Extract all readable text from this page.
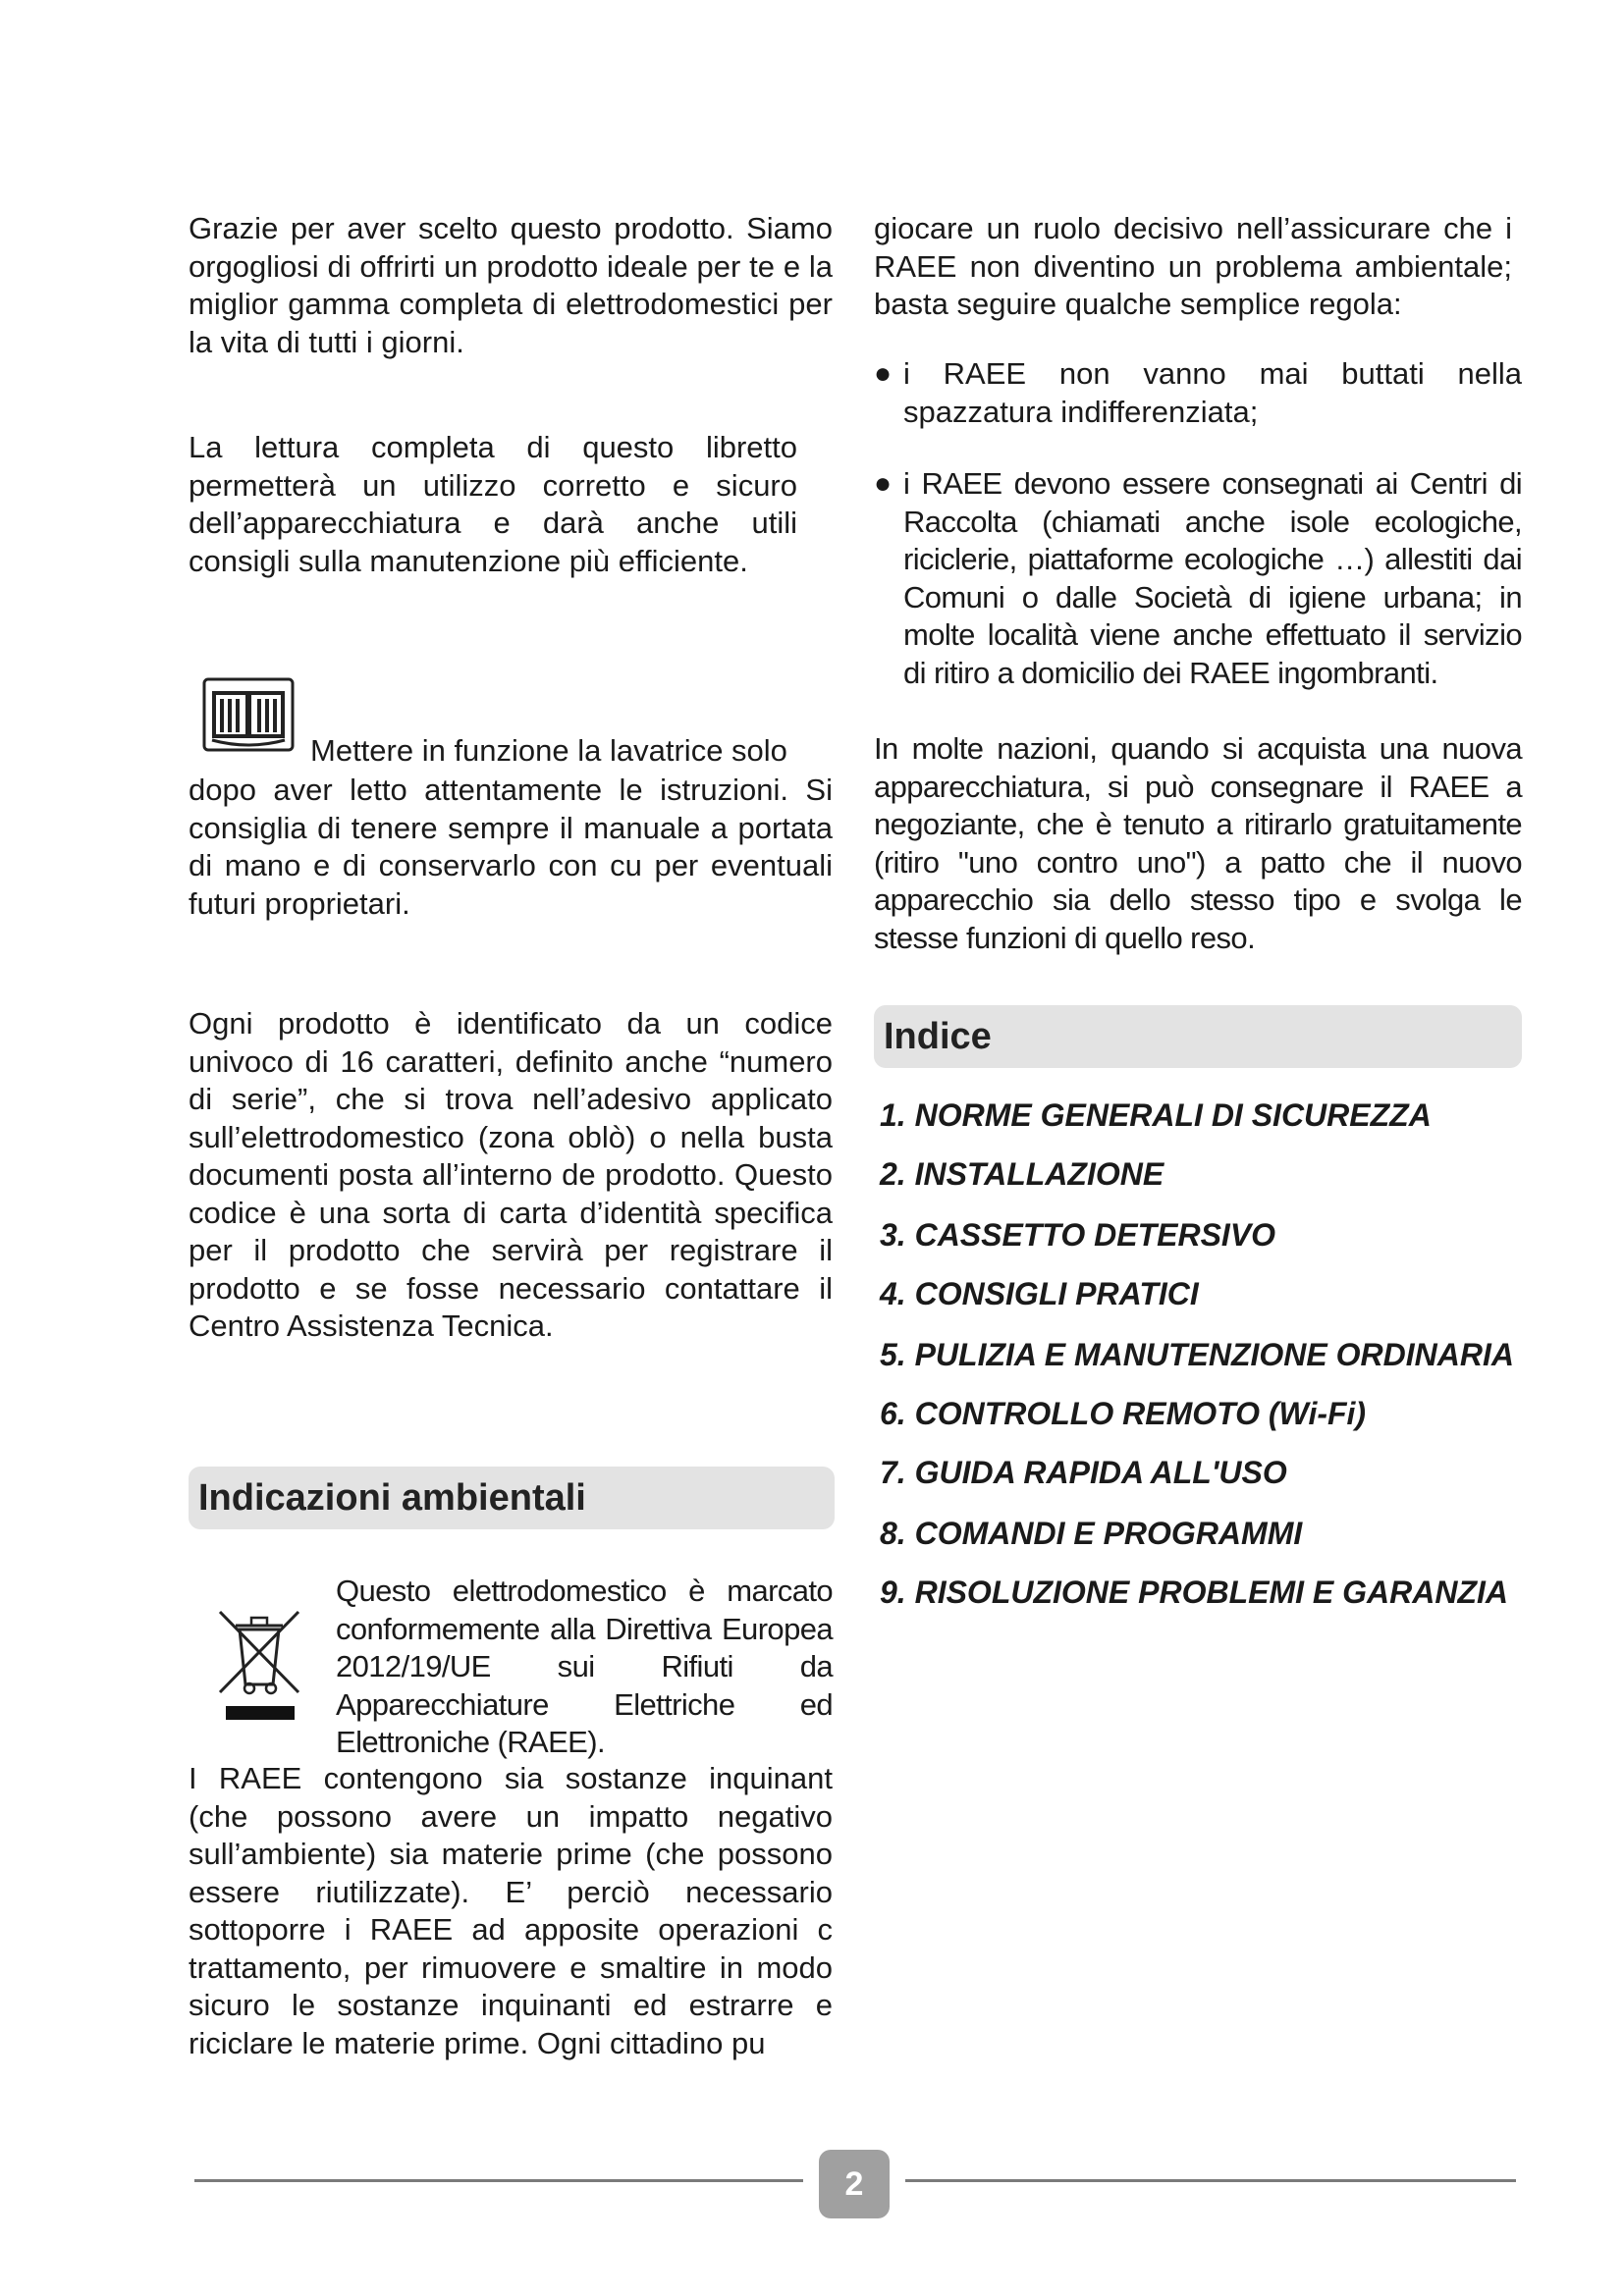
Grazie per aver scelto questo prodotto. Siamo orgogliosi di offrirti un prodotto ideale per te e la miglior gamma completa di elettrodomestici per la vita di tutti i giorni.

La lettura completa di questo libretto permetterà un utilizzo corretto e sicuro dell’apparecchiatura e darà anche utili consigli sulla manutenzione più efficiente.

Mettere in funzione la lavatrice solo

dopo aver letto attentamente le istruzioni. Si consiglia di tenere sempre il manuale a portata di mano e di conservarlo con cu per eventuali futuri proprietari.

Ogni prodotto è identificato da un codice univoco di 16 caratteri, definito anche “numero di serie”, che si trova nell’adesivo applicato sull’elettrodomestico (zona oblò) o nella busta documenti posta all’interno de prodotto. Questo codice è una sorta di carta d’identità specifica per il prodotto che servirà per registrare il prodotto e se fosse necessario contattare il Centro Assistenza Tecnica.

Indicazioni ambientali

Questo elettrodomestico è marcato conformemente alla Direttiva Europea 2012/19/UE sui Rifiuti da Apparecchiature Elettriche ed Elettroniche (RAEE).

I RAEE contengono sia sostanze inquinant (che possono avere un impatto negativo sull’ambiente) sia materie prime (che possono essere riutilizzate). E’ perciò necessario sottoporre i RAEE ad apposite operazioni c trattamento, per rimuovere e smaltire in modo sicuro le sostanze inquinanti ed estrarre e riciclare le materie prime. Ogni cittadino pu

giocare un ruolo decisivo nell’assicurare che i RAEE non diventino un problema ambientale; basta seguire qualche semplice regola:

● i RAEE non vanno mai buttati nella spazzatura indifferenziata;

● i RAEE devono essere consegnati ai Centri di Raccolta (chiamati anche isole ecologiche, riciclerie, piattaforme ecologiche …) allestiti dai Comuni o dalle Società di igiene urbana; in molte località viene anche effettuato il servizio di ritiro a domicilio dei RAEE ingombranti.

In molte nazioni, quando si acquista una nuova apparecchiatura, si può consegnare il RAEE a negoziante, che è tenuto a ritirarlo gratuitamente (ritiro "uno contro uno") a patto che il nuovo apparecchio sia dello stesso tipo e svolga le stesse funzioni di quello reso.

Indice
1. NORME GENERALI DI SICUREZZA
2. INSTALLAZIONE
3. CASSETTO DETERSIVO
4. CONSIGLI PRATICI
5. PULIZIA E MANUTENZIONE ORDINARIA
6. CONTROLLO REMOTO (Wi-Fi)
7. GUIDA RAPIDA ALL'USO
8. COMANDI E PROGRAMMI
9. RISOLUZIONE PROBLEMI E GARANZIA
2
